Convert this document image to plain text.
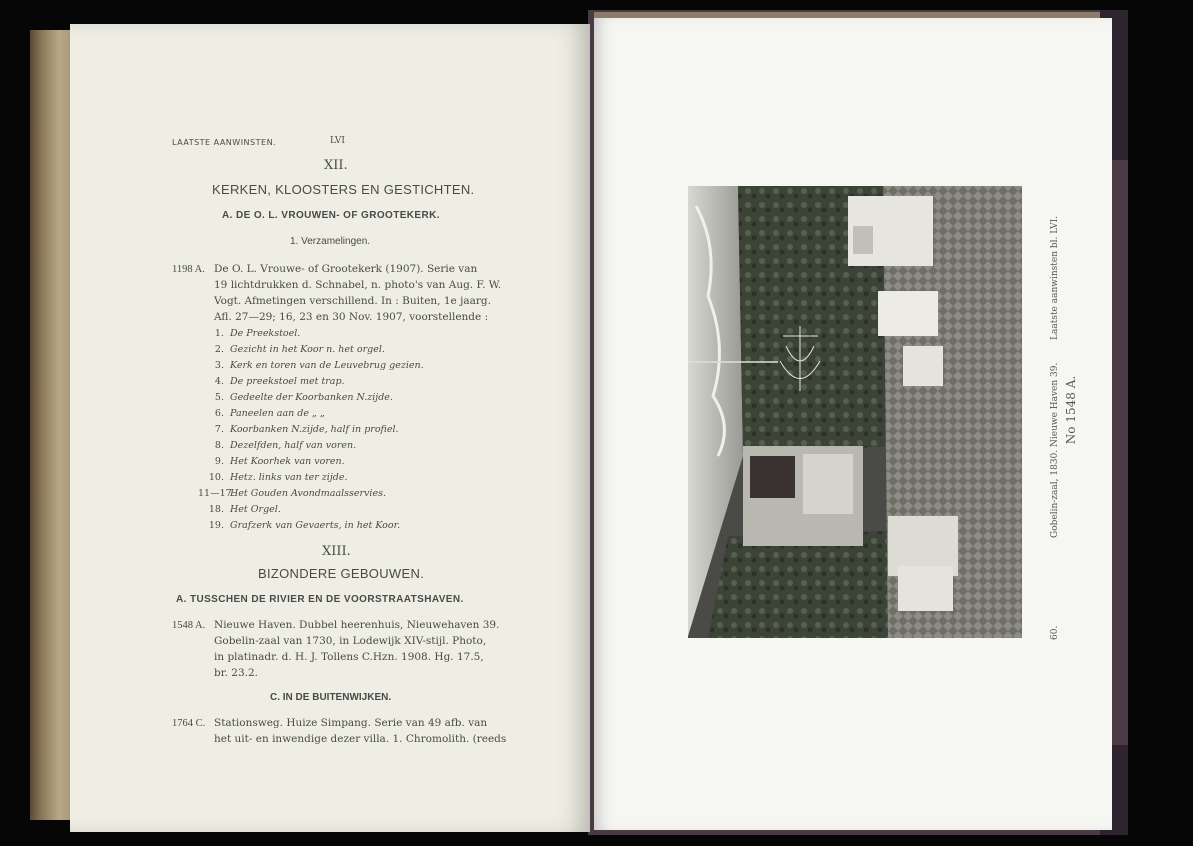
LAATSTE AANWINSTEN.	LVI
XII.
KERKEN, KLOOSTERS EN GESTICHTEN.
A. DE O. L. VROUWEN- OF GROOTEKERK.
1. Verzamelingen.
1198 A. De O. L. Vrouwe- of Grootekerk (1907). Serie van
19 lichtdrukken d. Schnabel, n. photo's van Aug. F. W.
Vogt. Afmetingen verschillend. In : Buiten, 1e jaarg.
Afl. 27—29; 16, 23 en 30 Nov. 1907, voorstellende :
1. De Preekstoel.
2. Gezicht in het Koor n. het orgel.
3. Kerk en toren van de Leuvebrug gezien.
4. De preekstoel met trap.
5. Gedeelte der Koorbanken N.zijde.
6. Paneelen aan de „ „
7. Koorbanken N.zijde, half in profiel.
8. Dezelfden, half van voren.
9. Het Koorhek van voren.
10. Hetz. links van ter zijde.
11—17.Het Gouden Avondmaalsservies.
18. Het Orgel.
19. Grafzerk van Gevaerts, in het Koor.
XIII.
BIZONDERE GEBOUWEN.
A. TUSSCHEN DE RIVIER EN DE VOORSTRAATSHAVEN.
1548 A. Nieuwe Haven. Dubbel heerenhuis, Nieuwehaven 39.
Gobelin-zaal van 1730, in Lodewijk XIV-stijl. Photo,
in platinadr. d. H. J. Tollens C.Hzn. 1908. Hg. 17.5,
br. 23.2.
C. IN DE BUITENWIJKEN.
1764 C. Stationsweg. Huize Simpang. Serie van 49 afb. van
het uit- en inwendige dezer villa. 1. Chromolith. (reeds
60.
Gobelin-zaal, 1830. Nieuwe Haven 39.
Laatste aanwinsten bl. LVI.
No 1548 A.
